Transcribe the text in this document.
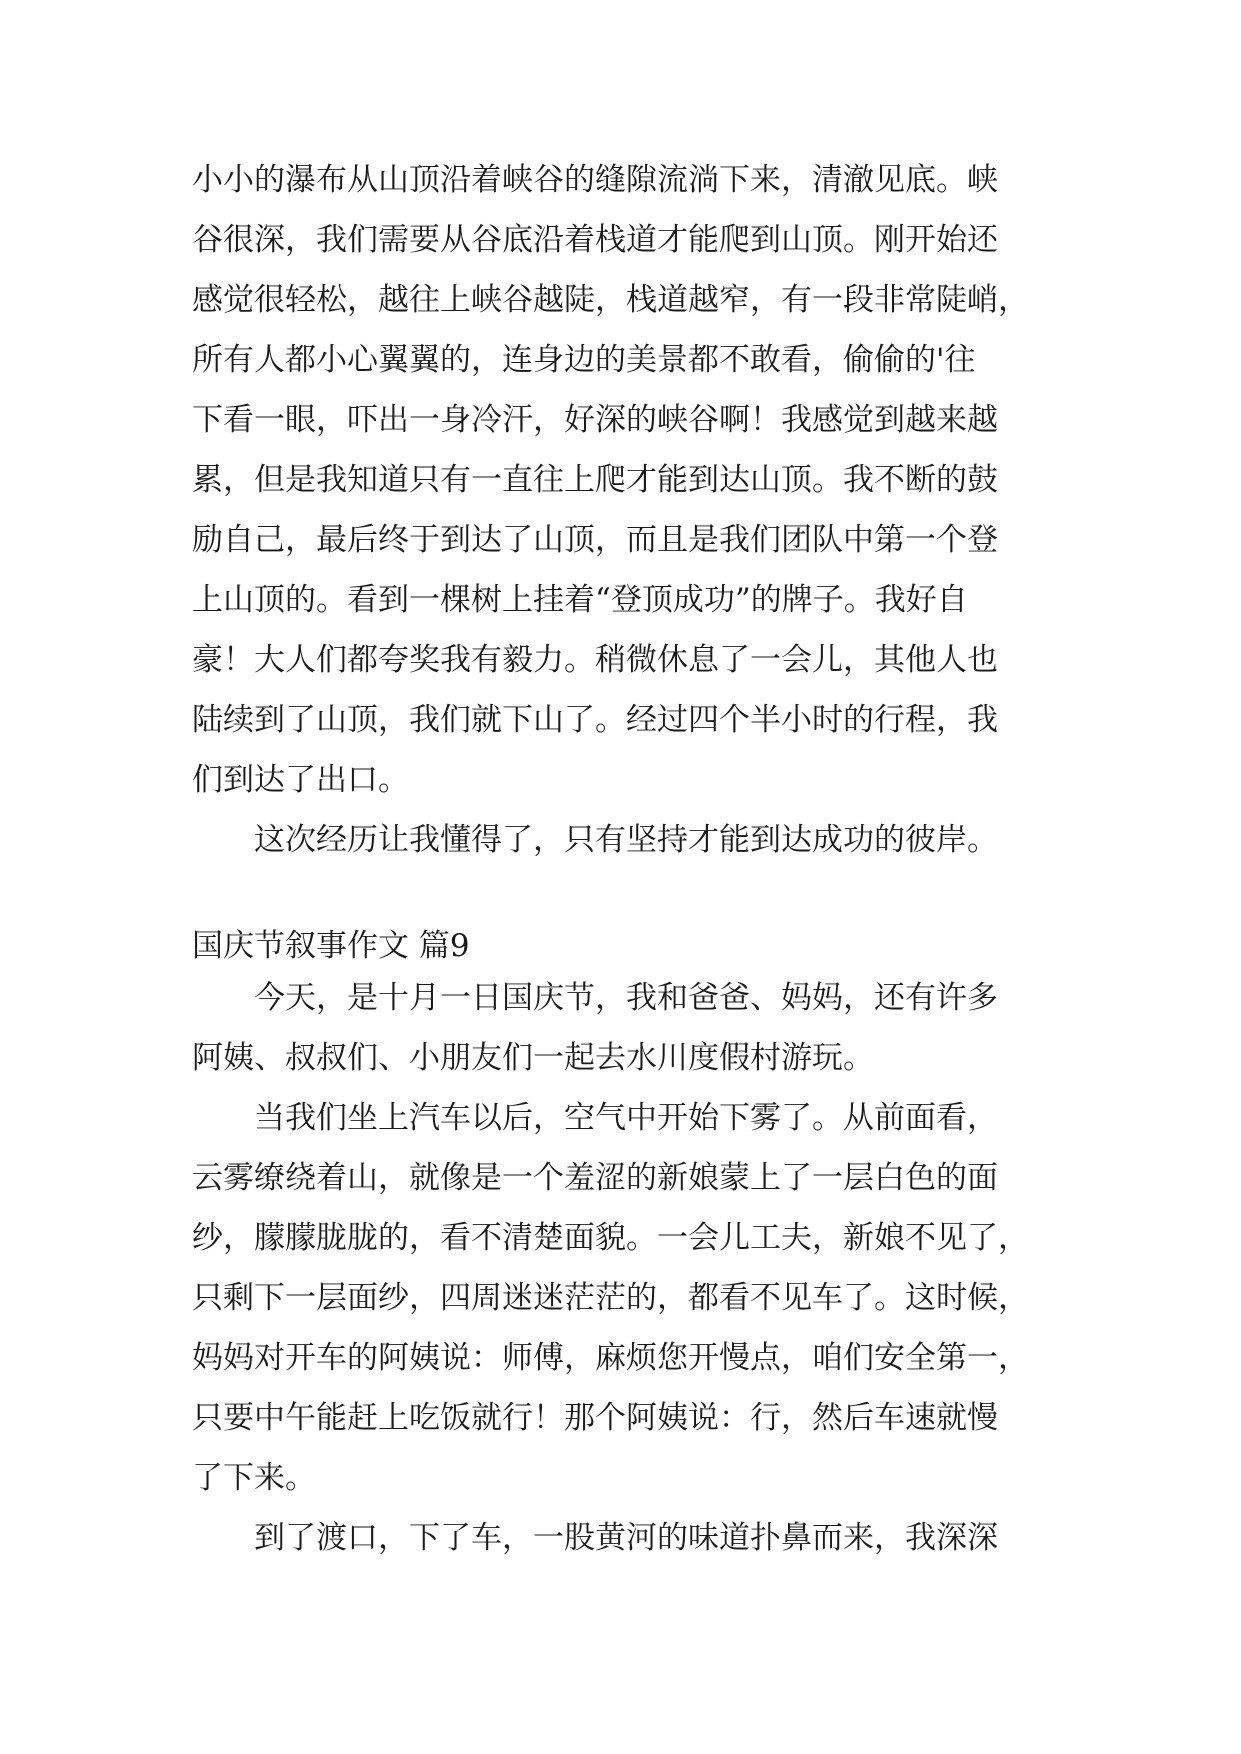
小小的瀑布从山顶沿着峡谷的缝隙流淌下来，清澈见底。峡
谷很深，我们需要从谷底沿着栈道才能爬到山顶。刚开始还
感觉很轻松，越往上峡谷越陡，栈道越窄，有一段非常陡峭，
所有人都小心翼翼的，连身边的美景都不敢看，偷偷的'往
下看一眼，吓出一身冷汗，好深的峡谷啊！我感觉到越来越
累，但是我知道只有一直往上爬才能到达山顶。我不断的鼓
励自己，最后终于到达了山顶，而且是我们团队中第一个登
上山顶的。看到一棵树上挂着“登顶成功”的牌子。我好自
豪！大人们都夸奖我有毅力。稍微休息了一会儿，其他人也
陆续到了山顶，我们就下山了。经过四个半小时的行程，我
们到达了出口。
　　这次经历让我懂得了，只有坚持才能到达成功的彼岸。
国庆节叙事作文 篇9
　　今天，是十月一日国庆节，我和爸爸、妈妈，还有许多
阿姨、叔叔们、小朋友们一起去水川度假村游玩。
　　当我们坐上汽车以后，空气中开始下雾了。从前面看，
云雾缭绕着山，就像是一个羞涩的新娘蒙上了一层白色的面
纱，朦朦胧胧的，看不清楚面貌。一会儿工夫，新娘不见了，
只剩下一层面纱，四周迷迷茫茫的，都看不见车了。这时候，
妈妈对开车的阿姨说：师傅，麻烦您开慢点，咱们安全第一，
只要中午能赶上吃饭就行！那个阿姨说：行，然后车速就慢
了下来。
　　到了渡口，下了车，一股黄河的味道扑鼻而来，我深深
